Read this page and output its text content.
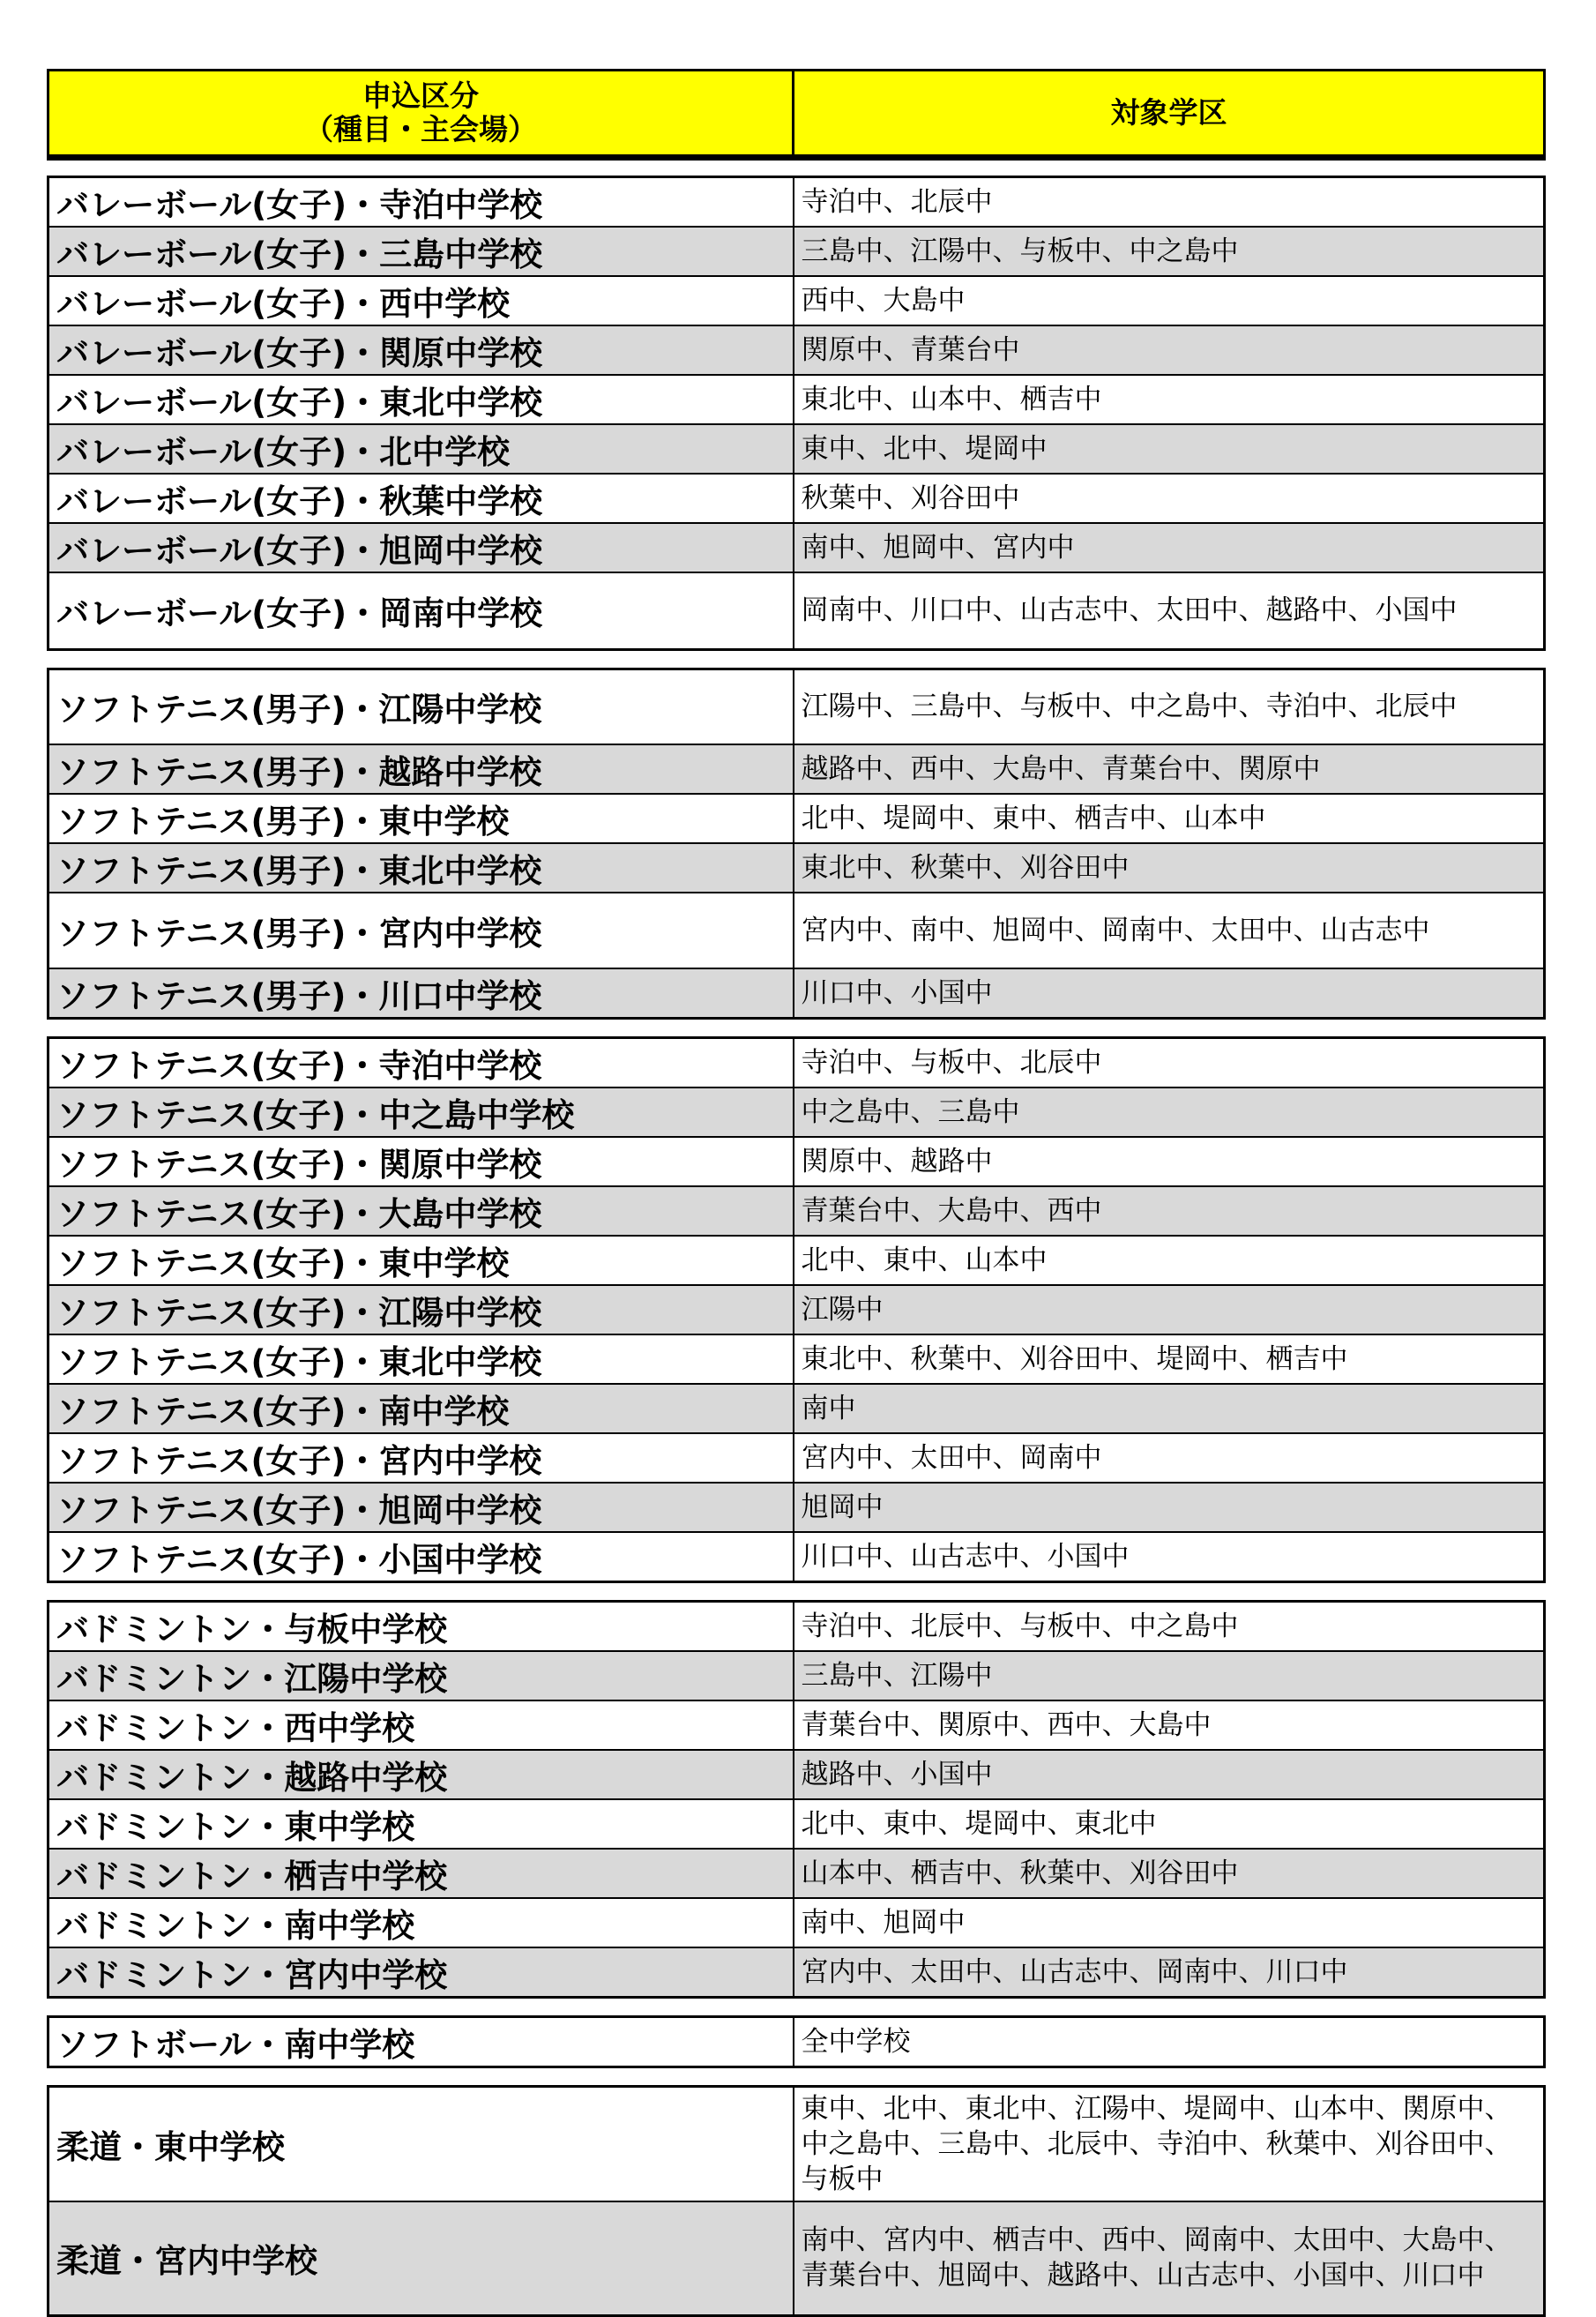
申込区分
（種目・主会場）	対象学区
バレーボール(女子)・寺泊中学校	寺泊中、北辰中
バレーボール(女子)・三島中学校	三島中、江陽中、与板中、中之島中
バレーボール(女子)・西中学校	西中、大島中
バレーボール(女子)・関原中学校	関原中、青葉台中
バレーボール(女子)・東北中学校	東北中、山本中、栖吉中
バレーボール(女子)・北中学校	東中、北中、堤岡中
バレーボール(女子)・秋葉中学校	秋葉中、刈谷田中
バレーボール(女子)・旭岡中学校	南中、旭岡中、宮内中
バレーボール(女子)・岡南中学校	岡南中、川口中、山古志中、太田中、越路中、小国中
ソフトテニス(男子)・江陽中学校	江陽中、三島中、与板中、中之島中、寺泊中、北辰中
ソフトテニス(男子)・越路中学校	越路中、西中、大島中、青葉台中、関原中
ソフトテニス(男子)・東中学校	北中、堤岡中、東中、栖吉中、山本中
ソフトテニス(男子)・東北中学校	東北中、秋葉中、刈谷田中
ソフトテニス(男子)・宮内中学校	宮内中、南中、旭岡中、岡南中、太田中、山古志中
ソフトテニス(男子)・川口中学校	川口中、小国中
ソフトテニス(女子)・寺泊中学校	寺泊中、与板中、北辰中
ソフトテニス(女子)・中之島中学校	中之島中、三島中
ソフトテニス(女子)・関原中学校	関原中、越路中
ソフトテニス(女子)・大島中学校	青葉台中、大島中、西中
ソフトテニス(女子)・東中学校	北中、東中、山本中
ソフトテニス(女子)・江陽中学校	江陽中
ソフトテニス(女子)・東北中学校	東北中、秋葉中、刈谷田中、堤岡中、栖吉中
ソフトテニス(女子)・南中学校	南中
ソフトテニス(女子)・宮内中学校	宮内中、太田中、岡南中
ソフトテニス(女子)・旭岡中学校	旭岡中
ソフトテニス(女子)・小国中学校	川口中、山古志中、小国中
バドミントン・与板中学校	寺泊中、北辰中、与板中、中之島中
バドミントン・江陽中学校	三島中、江陽中
バドミントン・西中学校	青葉台中、関原中、西中、大島中
バドミントン・越路中学校	越路中、小国中
バドミントン・東中学校	北中、東中、堤岡中、東北中
バドミントン・栖吉中学校	山本中、栖吉中、秋葉中、刈谷田中
バドミントン・南中学校	南中、旭岡中
バドミントン・宮内中学校	宮内中、太田中、山古志中、岡南中、川口中
ソフトボール・南中学校	全中学校
柔道・東中学校	東中、北中、東北中、江陽中、堤岡中、山本中、関原中、中之島中、三島中、北辰中、寺泊中、秋葉中、刈谷田中、与板中
柔道・宮内中学校	南中、宮内中、栖吉中、西中、岡南中、太田中、大島中、青葉台中、旭岡中、越路中、山古志中、小国中、川口中
